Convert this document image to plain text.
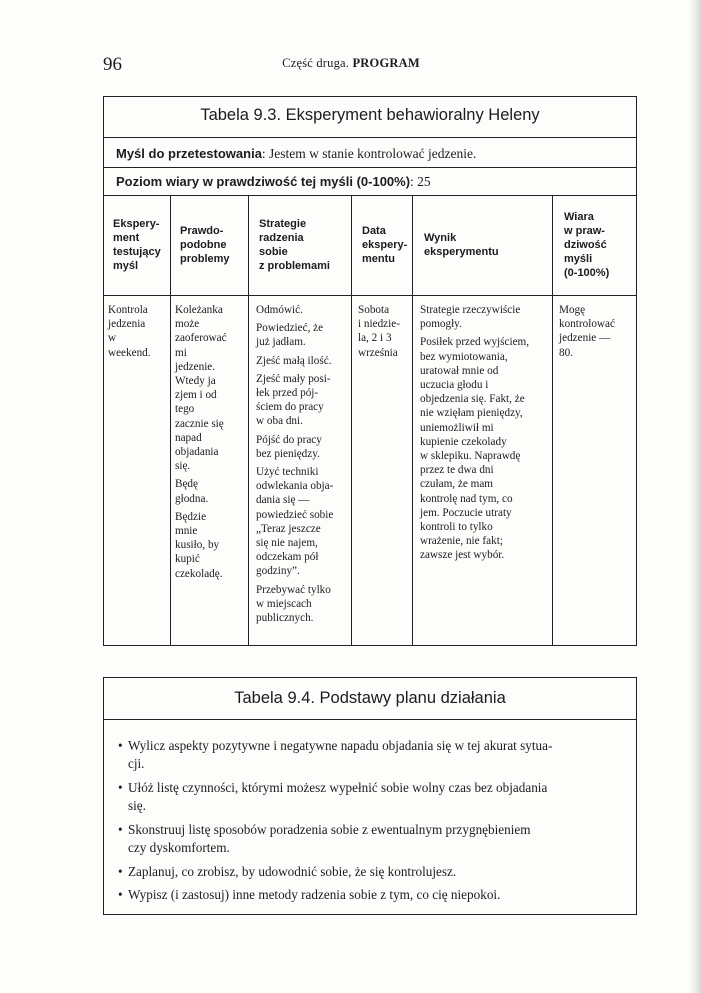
96	Część druga. PROGRAM
Tabela 9.3. Eksperyment behawioralny Heleny
Myśl do przetestowania: Jestem w stanie kontrolować jedzenie.
Poziom wiary w prawdziwość tej myśli (0-100%): 25
Ekspery-
ment
testujący
myśl
Prawdo-
podobne
problemy
Strategie
radzenia
sobie
z problemami
Data
ekspery-
mentu
Wynik
eksperymentu
Wiara
w praw-
dziwość
myśli
(0-100%)

Kontrola

jedzenia

w

weekend.

Koleżanka

może

zaoferować

mi

jedzenie.

Wtedy ja

zjem i od

tego

zacznie się

napad

objadania

się.

Będę

głodna.

Będzie

mnie

kusiło, by

kupić

czekoladę.

Odmówić.

Powiedzieć, że

już jadłam.

Zjeść małą ilość.

Zjeść mały posi-

łek przed pój-

ściem do pracy

w oba dni.

Pójść do pracy

bez pieniędzy.

Użyć techniki

odwlekania obja-

dania się —

powiedzieć sobie

„Teraz jeszcze

się nie najem,

odczekam pół

godziny”.

Przebywać tylko

w miejscach

publicznych.

Sobota

i niedzie-

la, 2 i 3

września

Strategie rzeczywiście

pomogły.

Posiłek przed wyjściem,

bez wymiotowania,

uratował mnie od

uczucia głodu i

objedzenia się. Fakt, że

nie wzięłam pieniędzy,

uniemożliwił mi

kupienie czekolady

w sklepiku. Naprawdę

przez te dwa dni

czułam, że mam

kontrolę nad tym, co

jem. Poczucie utraty

kontroli to tylko

wrażenie, nie fakt;

zawsze jest wybór.

Mogę

kontrolować

jedzenie —

80.

Tabela 9.4. Podstawy planu działania
• Wylicz aspekty pozytywne i negatywne napadu objadania się w tej akurat sytua-
cji.
• Ułóż listę czynności, którymi możesz wypełnić sobie wolny czas bez objadania
się.
• Skonstruuj listę sposobów poradzenia sobie z ewentualnym przygnębieniem
czy dyskomfortem.
• Zaplanuj, co zrobisz, by udowodnić sobie, że się kontrolujesz.
• Wypisz (i zastosuj) inne metody radzenia sobie z tym, co cię niepokoi.
